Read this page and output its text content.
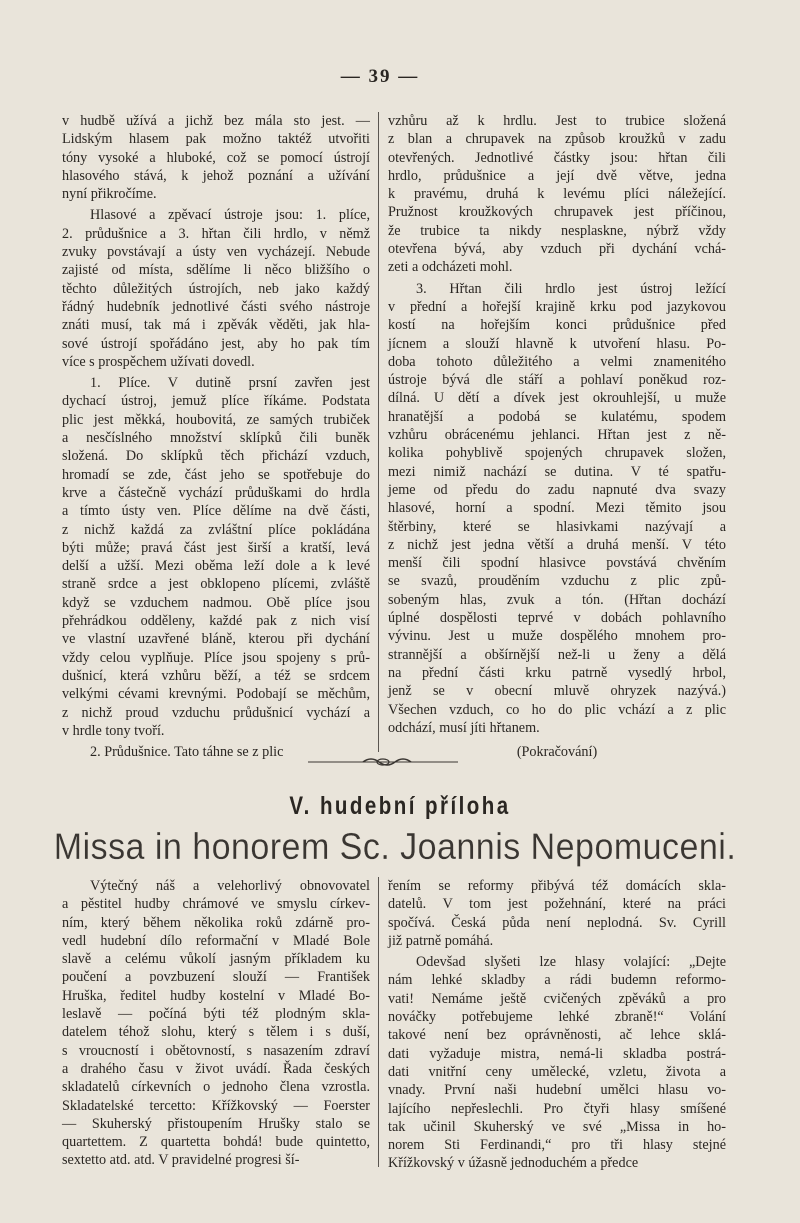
— 39 —
v hudbě užívá a jichž bez mála sto jest. —
Lidským hlasem pak možno taktéž utvořiti
tóny vysoké a hluboké, což se pomocí ústrojí
hlasového stává, k jehož poznání a užívání
nyní přikročíme.
Hlasové a zpěvací ústroje jsou: 1. plíce,
2. průdušnice a 3. hřtan čili hrdlo, v němž
zvuky povstávají a ústy ven vycházejí. Nebude
zajisté od místa, sdělíme li něco bližšího o
těchto důležitých ústrojích, neb jako každý
řádný hudebník jednotlivé části svého nástroje
znáti musí, tak má i zpěvák věděti, jak hla-
sové ústrojí spořádáno jest, aby ho pak tím
více s prospěchem užívati dovedl.
1. Plíce. V dutině prsní zavřen jest
dychací ústroj, jemuž plíce říkáme. Podstata
plic jest měkká, houbovitá, ze samých trubiček
a nesčíslného množství sklípků čili buněk
složená. Do sklípků těch přichází vzduch,
hromadí se zde, část jeho se spotřebuje do
krve a částečně vychází průduškami do hrdla
a tímto ústy ven. Plíce dělíme na dvě části,
z nichž každá za zvláštní plíce pokládána
býti může; pravá část jest širší a kratší, levá
delší a užší. Mezi oběma leží dole a k levé
straně srdce a jest obklopeno plícemi, zvláště
když se vzduchem nadmou. Obě plíce jsou
přehrádkou odděleny, každé pak z nich visí
ve vlastní uzavřené bláně, kterou při dychání
vždy celou vyplňuje. Plíce jsou spojeny s prů-
dušnicí, která vzhůru běží, a též se srdcem
velkými cévami krevnými. Podobají se měchům,
z nichž proud vzduchu průdušnicí vychází a
v hrdle tony tvoří.
2. Průdušnice. Tato táhne se z plic
vzhůru až k hrdlu. Jest to trubice složená
z blan a chrupavek na způsob kroužků v zadu
otevřených. Jednotlivé částky jsou: hřtan čili
hrdlo, průdušnice a její dvě větve, jedna
k pravému, druhá k levému plíci náležející.
Pružnost kroužkových chrupavek jest příčinou,
že trubice ta nikdy nesplaskne, nýbrž vždy
otevřena bývá, aby vzduch při dychání vchá-
zeti a odcházeti mohl.
3. Hřtan čili hrdlo jest ústroj ležící
v přední a hořejší krajině krku pod jazykovou
kostí na hořejším konci průdušnice před
jícnem a slouží hlavně k utvoření hlasu. Po-
doba tohoto důležitého a velmi znamenitého
ústroje bývá dle stáří a pohlaví poněkud roz-
dílná. U dětí a dívek jest okrouhlejší, u muže
hranatější a podobá se kulatému, spodem
vzhůru obrácenému jehlanci. Hřtan jest z ně-
kolika pohyblivě spojených chrupavek složen,
mezi nimiž nachází se dutina. V té spatřu-
jeme od předu do zadu napnuté dva svazy
hlasové, horní a spodní. Mezi těmito jsou
štěrbiny, které se hlasivkami nazývají a
z nichž jest jedna větší a druhá menší. V této
menší čili spodní hlasivce povstává chvěním
se svazů, prouděním vzduchu z plic způ-
sobeným hlas, zvuk a tón. (Hřtan dochází
úplné dospělosti teprvé v dobách pohlavního
vývinu. Jest u muže dospělého mnohem pro-
strannější a obšírnější než-li u ženy a dělá
na přední části krku patrně vysedlý hrbol,
jenž se v obecní mluvě ohryzek nazývá.)
Všechen vzduch, co ho do plic vchází a z plic
odchází, musí jíti hřtanem.
(Pokračování)
V. hudební příloha
Missa in honorem Sc. Joannis Nepomuceni.
Výtečný náš a velehorlivý obnovovatel
a pěstitel hudby chrámové ve smyslu církev-
ním, který během několika roků zdárně pro-
vedl hudební dílo reformační v Mladé Bole
slavě a celému vůkolí jasným příkladem ku
poučení a povzbuzení slouží — František
Hruška, ředitel hudby kostelní v Mladé Bo-
leslavě — počíná býti též plodným skla-
datelem téhož slohu, který s tělem i s duší,
s vroucností i obětovností, s nasazením zdraví
a drahého času v život uvádí. Řada českých
skladatelů církevních o jednoho člena vzrostla.
Skladatelské tercetto: Křížkovský — Foerster
— Skuherský přistoupením Hrušky stalo se
quartettem. Z quartetta bohdá! bude quintetto,
sextetto atd. atd. V pravidelné progresi ší-
řením se reformy přibývá též domácích skla-
datelů. V tom jest požehnání, které na práci
spočívá. Česká půda není neplodná. Sv. Cyrill
již patrně pomáhá.
Odevšad slyšeti lze hlasy volající: „Dejte
nám lehké skladby a rádi budemn reformo-
vati! Nemáme ještě cvičených zpěváků a pro
nováčky potřebujeme lehké zbraně!“ Volání
takové není bez oprávněnosti, ač lehce sklá-
dati vyžaduje mistra, nemá-li skladba postrá-
dati vnitřní ceny umělecké, vzletu, života a
vnady. První naši hudební umělci hlasu vo-
lajícího nepřeslechli. Pro čtyři hlasy smíšené
tak učinil Skuherský ve své „Missa in ho-
norem Sti Ferdinandi,“ pro tři hlasy stejné
Křížkovský v úžasně jednoduchém a předce
